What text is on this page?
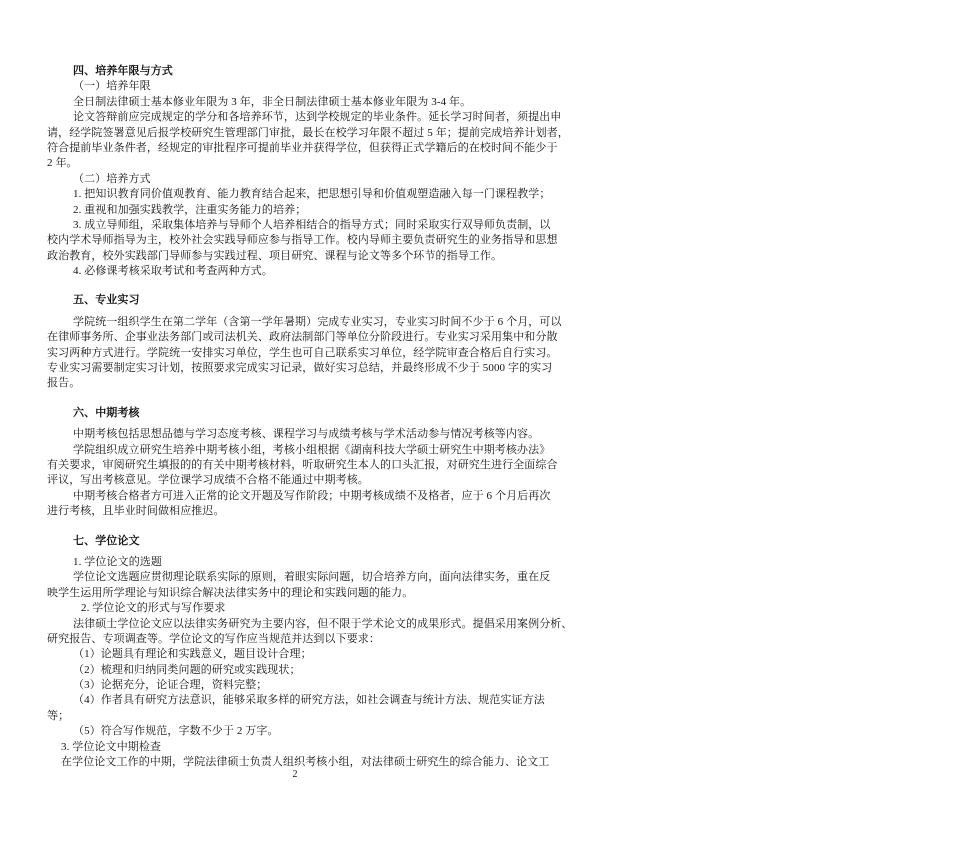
四、培养年限与方式
（一）培养年限
全日制法律硕士基本修业年限为 3 年，非全日制法律硕士基本修业年限为 3-4 年。
论文答辩前应完成规定的学分和各培养环节，达到学校规定的毕业条件。延长学习时间者，须提出申
请，经学院签署意见后报学校研究生管理部门审批，最长在校学习年限不超过 5 年；提前完成培养计划者，
符合提前毕业条件者，经规定的审批程序可提前毕业并获得学位，但获得正式学籍后的在校时间不能少于
2 年。
（二）培养方式
1. 把知识教育同价值观教育、能力教育结合起来，把思想引导和价值观塑造融入每一门课程教学；
2. 重视和加强实践教学，注重实务能力的培养；
3. 成立导师组，采取集体培养与导师个人培养相结合的指导方式；同时采取实行双导师负责制，以
校内学术导师指导为主，校外社会实践导师应参与指导工作。校内导师主要负责研究生的业务指导和思想
政治教育，校外实践部门导师参与实践过程、项目研究、课程与论文等多个环节的指导工作。
4. 必修课考核采取考试和考查两种方式。
五、专业实习
学院统一组织学生在第二学年（含第一学年暑期）完成专业实习，专业实习时间不少于 6 个月，可以
在律师事务所、企事业法务部门或司法机关、政府法制部门等单位分阶段进行。专业实习采用集中和分散
实习两种方式进行。学院统一安排实习单位，学生也可自己联系实习单位，经学院审查合格后自行实习。
专业实习需要制定实习计划，按照要求完成实习记录，做好实习总结，并最终形成不少于 5000 字的实习
报告。
六、中期考核
中期考核包括思想品德与学习态度考核、课程学习与成绩考核与学术活动参与情况考核等内容。
学院组织成立研究生培养中期考核小组，考核小组根据《湖南科技大学硕士研究生中期考核办法》
有关要求，审阅研究生填报的的有关中期考核材料，听取研究生本人的口头汇报，对研究生进行全面综合
评议，写出考核意见。学位课学习成绩不合格不能通过中期考核。
中期考核合格者方可进入正常的论文开题及写作阶段；中期考核成绩不及格者，应于 6 个月后再次
进行考核，且毕业时间做相应推迟。
七、学位论文
1. 学位论文的选题
学位论文选题应贯彻理论联系实际的原则，着眼实际问题，切合培养方向，面向法律实务，重在反
映学生运用所学理论与知识综合解决法律实务中的理论和实践问题的能力。
2. 学位论文的形式与写作要求
法律硕士学位论文应以法律实务研究为主要内容，但不限于学术论文的成果形式。提倡采用案例分析、
研究报告、专项调查等。学位论文的写作应当规范并达到以下要求：
（1）论题具有理论和实践意义，题目设计合理；
（2）梳理和归纳同类问题的研究或实践现状；
（3）论据充分，论证合理，资料完整；
（4）作者具有研究方法意识，能够采取多样的研究方法，如社会调查与统计方法、规范实证方法
等；
（5）符合写作规范，字数不少于 2 万字。
3. 学位论文中期检查
在学位论文工作的中期，学院法律硕士负责人组织考核小组，对法律硕士研究生的综合能力、论文工
2
